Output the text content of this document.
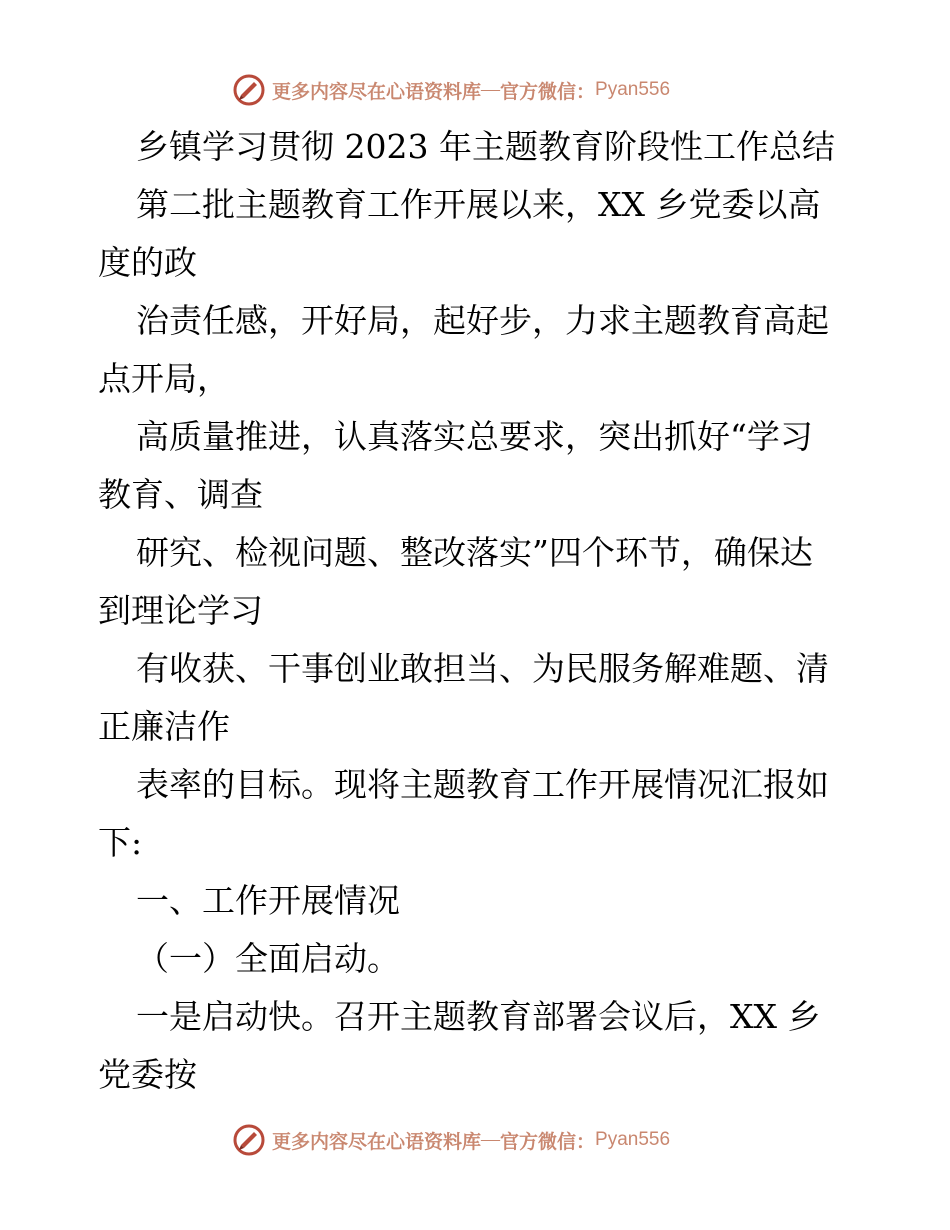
更多内容尽在心语资料库 — 官方微信： Pyan556
乡镇学习贯彻 2023 年主题教育阶段性工作总结
第二批主题教育工作开展以来，XX 乡党委以高
度的政
治责任感，开好局，起好步，力求主题教育高起
点开局，
高质量推进，认真落实总要求，突出抓好“学习
教育、调查
研究、检视问题、整改落实”四个环节，确保达
到理论学习
有收获、干事创业敢担当、为民服务解难题、清
正廉洁作
表率的目标。现将主题教育工作开展情况汇报如
下:
一、工作开展情况
（一）全面启动。
一是启动快。召开主题教育部署会议后，XX 乡
党委按
更多内容尽在心语资料库 — 官方微信： Pyan556
